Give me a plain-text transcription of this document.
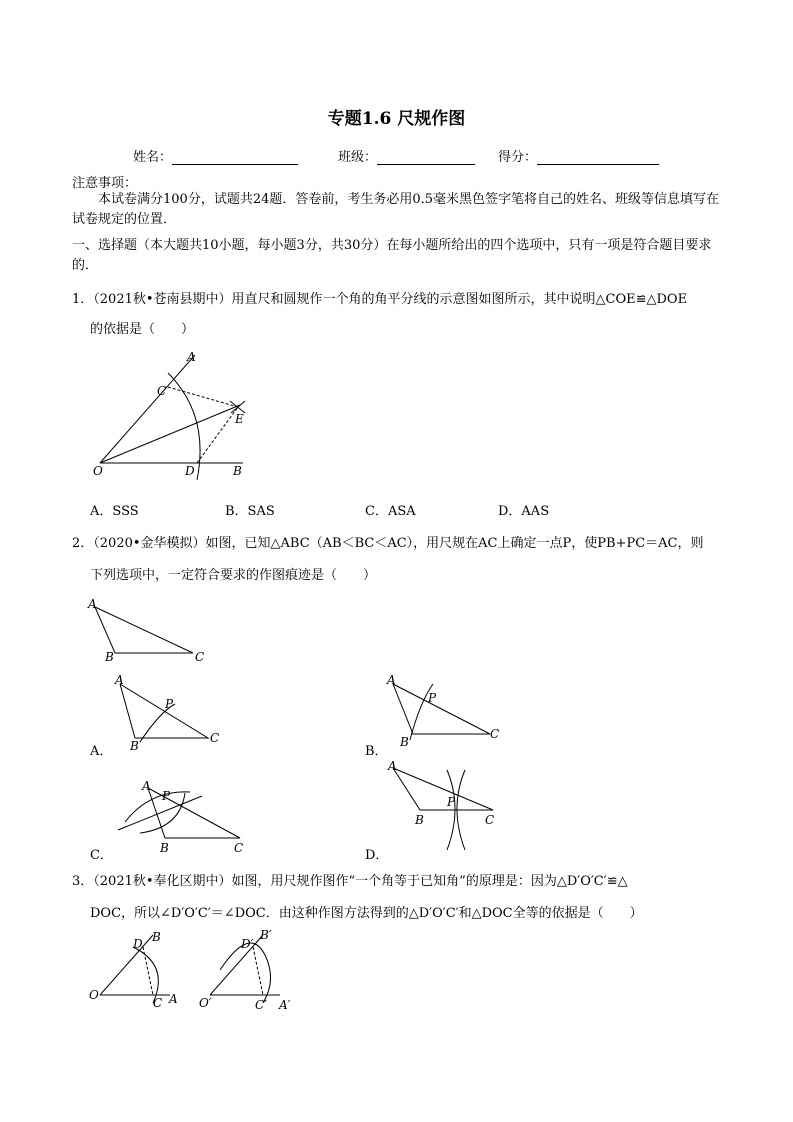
专题1.6 尺规作图
姓名：	班级：	得分：
注意事项：
本试卷满分100分，试题共24题．答卷前，考生务必用0.5毫米黑色签字笔将自己的姓名、班级等信息填写在试卷规定的位置．
一、选择题（本大题共10小题，每小题3分，共30分）在每小题所给出的四个选项中，只有一项是符合题目要求的．
1．（2021秋•苍南县期中）用直尺和圆规作一个角的角平分线的示意图如图所示，其中说明△COE≌△DOE
的依据是（　　）
A
C
E
O	D	B
A．SSS	B．SAS	C．ASA	D．AAS
2．（2020•金华模拟）如图，已知△ABC（AB＜BC＜AC），用尺规在AC上确定一点P，使PB+PC＝AC，则
下列选项中，一定符合要求的作图痕迹是（　　）
A
B	C
A
P
B
C
A．
A
P
B
C
B．
A
P
B	C
C．
A
P
B	C
D．
3．（2021秋•奉化区期中）如图，用尺规作图作“一个角等于已知角”的原理是：因为△D′O′C′≌△
DOC，所以∠D′O′C′＝∠DOC．由这种作图方法得到的△D′O′C′和△DOC全等的依据是（　　）
D B
O
C A
D′
B′
O′	C′ A′
